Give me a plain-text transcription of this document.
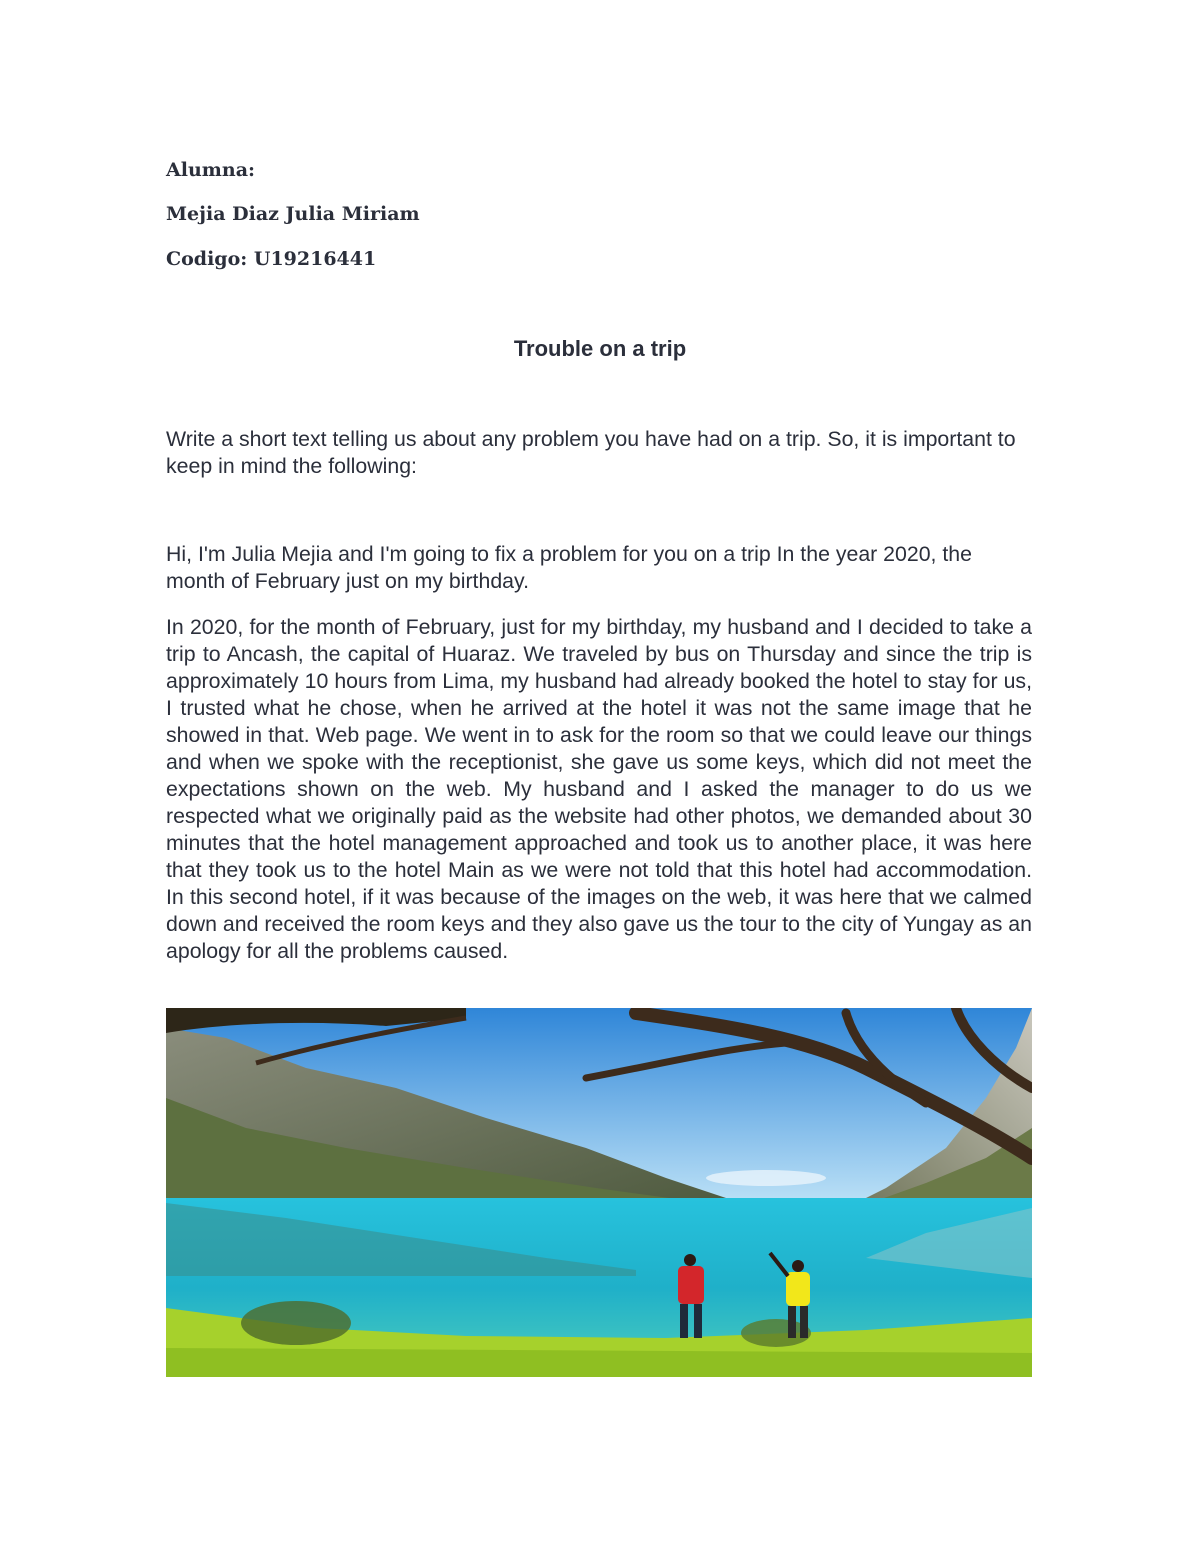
Alumna:
Mejia Diaz Julia Miriam
Codigo: U19216441
Trouble on a trip
Write a short text telling us about any problem you have had on a trip. So, it is important to keep in mind the following:
Hi, I'm Julia Mejia and I'm going to fix a problem for you on a trip In the year 2020, the month of February just on my birthday.
In 2020, for the month of February, just for my birthday, my husband and I decided to take a trip to Ancash, the capital of Huaraz. We traveled by bus on Thursday and since the trip is approximately 10 hours from Lima, my husband had already booked the hotel to stay for us, I trusted what he chose, when he arrived at the hotel it was not the same image that he showed in that. Web page. We went in to ask for the room so that we could leave our things and when we spoke with the receptionist, she gave us some keys, which did not meet the expectations shown on the web. My husband and I asked the manager to do us we respected what we originally paid as the website had other photos, we demanded about 30 minutes that the hotel management approached and took us to another place, it was here that they took us to the hotel Main as we were not told that this hotel had accommodation. In this second hotel, if it was because of the images on the web, it was here that we calmed down and received the room keys and they also gave us the tour to the city of Yungay as an apology for all the problems caused.
